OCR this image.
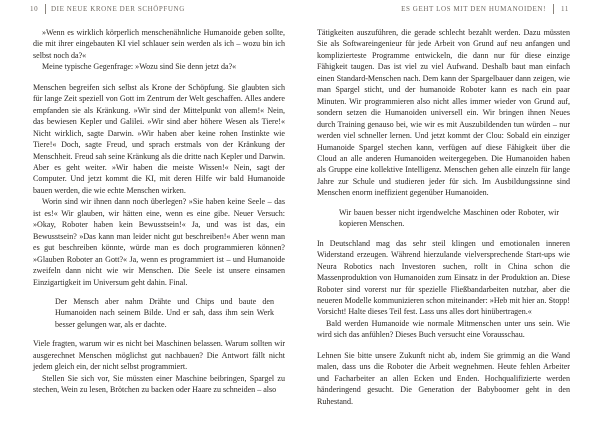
10 DIE NEUE KRONE DER SCHÖPFUNG

»Wenn es wirklich körperlich menschenähnliche Humanoide geben sollte, die mit ihrer eingebauten KI viel schlauer sein werden als ich – wozu bin ich selbst noch da?«

Meine typische Gegenfrage: »Wozu sind Sie denn jetzt da?«

Menschen begreifen sich selbst als Krone der Schöpfung. Sie glaubten sich für lange Zeit speziell von Gott im Zentrum der Welt geschaffen. Alles andere empfanden sie als Kränkung. »Wir sind der Mittelpunkt von allem!« Nein, das bewiesen Kepler und Galilei. »Wir sind aber höhere Wesen als Tiere!« Nicht wirklich, sagte Darwin. »Wir haben aber keine rohen Instinkte wie Tiere!« Doch, sagte Freud, und sprach erstmals von der Kränkung der Menschheit. Freud sah seine Kränkung als die dritte nach Kepler und Darwin. Aber es geht weiter. »Wir haben die meiste Wissen!« Nein, sagt der Computer. Und jetzt kommt die KI, mit deren Hilfe wir bald Humanoide bauen werden, die wie echte Menschen wirken.

Worin sind wir ihnen dann noch überlegen? »Sie haben keine Seele – das ist es!« Wir glauben, wir hätten eine, wenn es eine gibe. Neuer Versuch: »Okay, Roboter haben kein Bewusstsein!« Ja, und was ist das, ein Bewusstsein? »Das kann man leider nicht gut beschreiben!« Aber wenn man es gut beschreiben könnte, würde man es doch programmieren können? »Glauben Roboter an Gott?« Ja, wenn es programmiert ist – und Humanoide zweifeln dann nicht wie wir Menschen. Die Seele ist unsere einsamen Einzigartigkeit im Universum geht dahin. Final.

Der Mensch aber nahm Drähte und Chips und baute den Humanoiden nach seinem Bilde. Und er sah, dass ihm sein Werk besser gelungen war, als er dachte.

Viele fragten, warum wir es nicht bei Maschinen belassen. Warum sollten wir ausgerechnet Menschen möglichst gut nachbauen? Die Antwort fällt nicht jedem gleich ein, der nicht selbst programmiert.

Stellen Sie sich vor, Sie müssten einer Maschine beibringen, Spargel zu stechen, Wein zu lesen, Brötchen zu backen oder Haare zu schneiden – also

ES GEHT LOS MIT DEN HUMANOIDEN! 11

Tätigkeiten auszuführen, die gerade schlecht bezahlt werden. Dazu müssten Sie als Softwareingenieur für jede Arbeit von Grund auf neu anfangen und komplizierteste Programme entwickeln, die dann nur für diese einzige Fähigkeit taugen. Das ist viel zu viel Aufwand. Deshalb baut man einfach einen Standard-Menschen nach. Dem kann der Spargelbauer dann zeigen, wie man Spargel sticht, und der humanoide Roboter kann es nach ein paar Minuten. Wir programmieren also nicht alles immer wieder von Grund auf, sondern setzen die Humanoiden universell ein. Wir bringen ihnen Neues durch Training genauso bei, wie wir es mit Auszubildenden tun würden – nur werden viel schneller lernen. Und jetzt kommt der Clou: Sobald ein einziger Humanoide Spargel stechen kann, verfügen auf diese Fähigkeit über die Cloud an alle anderen Humanoiden weitergegeben. Die Humanoiden haben als Gruppe eine kollektive Intelligenz. Menschen gehen alle einzeln für lange Jahre zur Schule und studieren jeder für sich. Im Ausbildungssinne sind Menschen enorm ineffizient gegenüber Humanoiden.

Wir bauen besser nicht irgendwelche Maschinen oder Roboter, wir kopieren Menschen.

In Deutschland mag das sehr steil klingen und emotionalen inneren Widerstand erzeugen. Während hierzulande vielversprechende Start-ups wie Neura Robotics nach Investoren suchen, rollt in China schon die Massenproduktion von Humanoiden zum Einsatz in der Produktion an. Diese Roboter sind vorerst nur für spezielle Fließbandarbeiten nutzbar, aber die neueren Modelle kommunizieren schon miteinander: »Heb mit hier an. Stopp! Vorsicht! Halte dieses Teil fest. Lass uns alles dort hinübertragen.«

Bald werden Humanoide wie normale Mitmenschen unter uns sein. Wie wird sich das anfühlen? Dieses Buch versucht eine Vorausschau.

Lehnen Sie bitte unsere Zukunft nicht ab, indem Sie grimmig an die Wand malen, dass uns die Roboter die Arbeit wegnehmen. Heute fehlen Arbeiter und Facharbeiter an allen Ecken und Enden. Hochqualifizierte werden händeringend gesucht. Die Generation der Babyboomer geht in den Ruhestand.
